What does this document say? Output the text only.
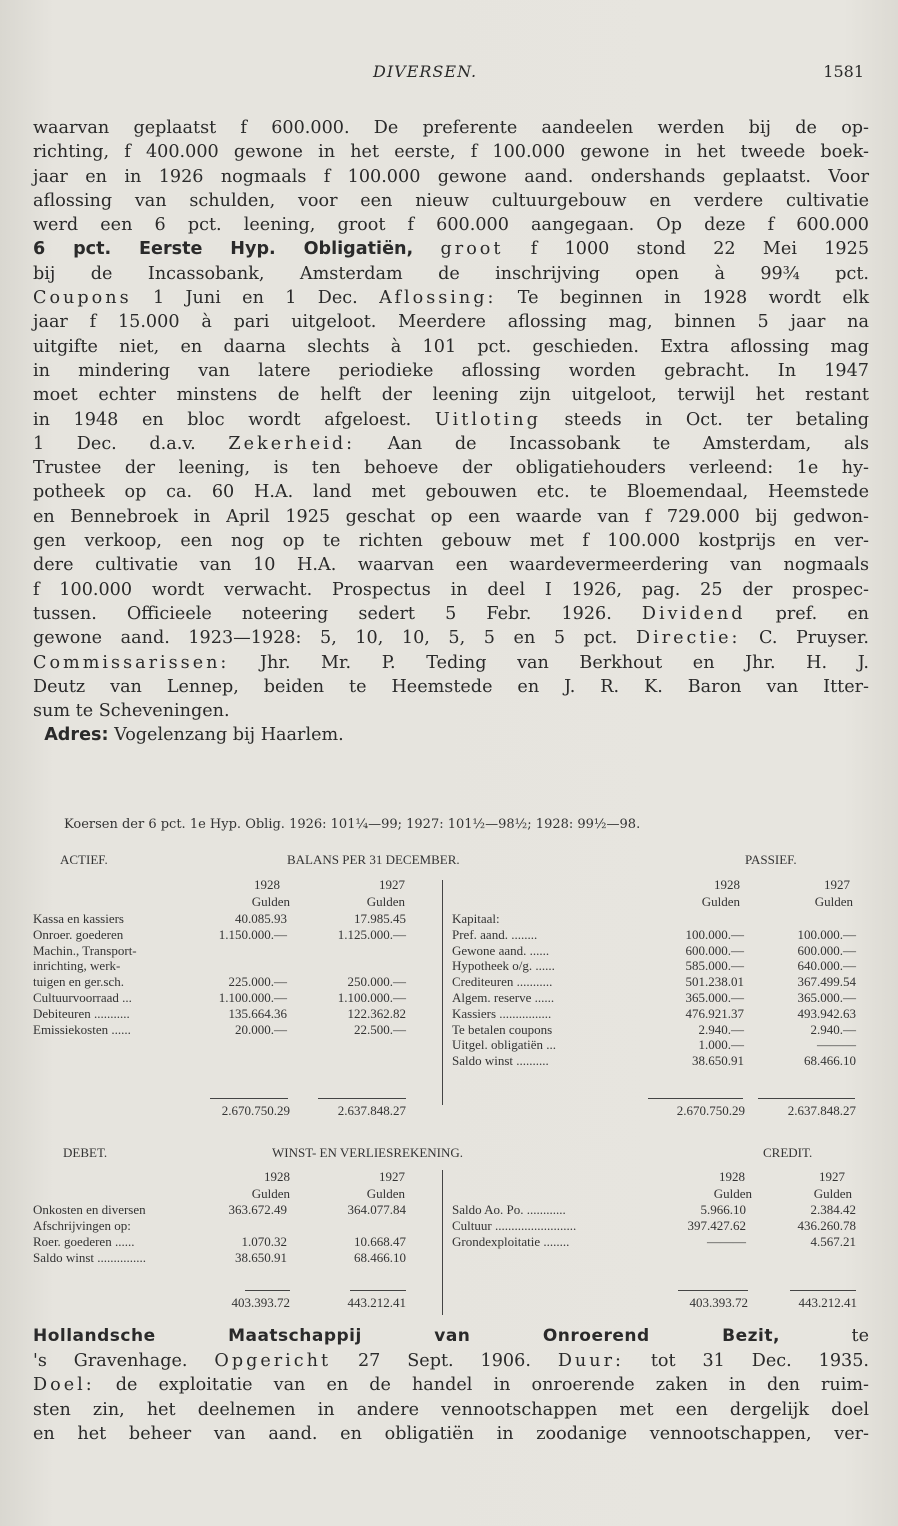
DIVERSEN.	1581
waarvan geplaatst f 600.000. De preferente aandeelen werden bij de op-
richting, f 400.000 gewone in het eerste, f 100.000 gewone in het tweede boek-
jaar en in 1926 nogmaals f 100.000 gewone aand. ondershands geplaatst. Voor
aflossing van schulden, voor een nieuw cultuurgebouw en verdere cultivatie
werd een 6 pct. leening, groot f 600.000 aangegaan. Op deze f 600.000
6 pct. Eerste Hyp. Obligatiën, groot f 1000 stond 22 Mei 1925
bij de Incassobank, Amsterdam de inschrijving open à 99¾ pct.
Coupons 1 Juni en 1 Dec. Aflossing: Te beginnen in 1928 wordt elk
jaar f 15.000 à pari uitgeloot. Meerdere aflossing mag, binnen 5 jaar na
uitgifte niet, en daarna slechts à 101 pct. geschieden. Extra aflossing mag
in mindering van latere periodieke aflossing worden gebracht. In 1947
moet echter minstens de helft der leening zijn uitgeloot, terwijl het restant
in 1948 en bloc wordt afgeloest. Uitloting steeds in Oct. ter betaling
1 Dec. d.a.v. Zekerheid: Aan de Incassobank te Amsterdam, als
Trustee der leening, is ten behoeve der obligatiehouders verleend: 1e hy-
potheek op ca. 60 H.A. land met gebouwen etc. te Bloemendaal, Heemstede
en Bennebroek in April 1925 geschat op een waarde van f 729.000 bij gedwon-
gen verkoop, een nog op te richten gebouw met f 100.000 kostprijs en ver-
dere cultivatie van 10 H.A. waarvan een waardevermeerdering van nogmaals
f 100.000 wordt verwacht. Prospectus in deel I 1926, pag. 25 der prospec-
tussen. Officieele noteering sedert 5 Febr. 1926. Dividend pref. en
gewone aand. 1923—1928: 5, 10, 10, 5, 5 en 5 pct. Directie: C. Pruyser.
Commissarissen: Jhr. Mr. P. Teding van Berkhout en Jhr. H. J.
Deutz van Lennep, beiden te Heemstede en J. R. K. Baron van Itter-
sum te Scheveningen.
Adres: Vogelenzang bij Haarlem.
Koersen der 6 pct. 1e Hyp. Oblig. 1926: 101¼—99; 1927: 101½—98½; 1928: 99½—98.
ACTIEF.	BALANS PER 31 DECEMBER.	PASSIEF.
1928	1927
Gulden	Gulden
1928	1927
Gulden	Gulden
Kassa en kassiers	40.085.93	17.985.45
Onroer. goederen	1.150.000.—	1.125.000.—
Machin., Transport-
inrichting, werk-
tuigen en ger.sch.	225.000.—	250.000.—
Cultuurvoorraad ...	1.100.000.—	1.100.000.—
Debiteuren ...........	135.664.36	122.362.82
Emissiekosten ......	20.000.—	22.500.—
Kapitaal:
Pref. aand. ........	100.000.—	100.000.—
Gewone aand. ......	600.000.—	600.000.—
Hypotheek o/g. ......	585.000.—	640.000.—
Crediteuren ...........	501.238.01	367.499.54
Algem. reserve ......	365.000.—	365.000.—
Kassiers ................	476.921.37	493.942.63
Te betalen coupons	2.940.—	2.940.—
Uitgel. obligatiën ...	1.000.—	———
Saldo winst ..........	38.650.91	68.466.10
2.670.750.29	2.637.848.27	2.670.750.29	2.637.848.27
DEBET.	WINST- EN VERLIESREKENING.	CREDIT.
1928	1927
Gulden	Gulden
1928	1927
Gulden	Gulden
Onkosten en diversen	363.672.49	364.077.84
Afschrijvingen op:
Roer. goederen ......	1.070.32	10.668.47
Saldo winst ...............	38.650.91	68.466.10
Saldo Ao. Po. ............	5.966.10	2.384.42
Cultuur .........................	397.427.62	436.260.78
Grondexploitatie ........	———	4.567.21
403.393.72	443.212.41	403.393.72	443.212.41
Hollandsche Maatschappij van Onroerend Bezit,	te
's Gravenhage. Opgericht 27 Sept. 1906. Duur: tot 31 Dec. 1935.
Doel: de exploitatie van en de handel in onroerende zaken in den ruim-
sten zin, het deelnemen in andere vennootschappen met een dergelijk doel
en het beheer van aand. en obligatiën in zoodanige vennootschappen, ver-
